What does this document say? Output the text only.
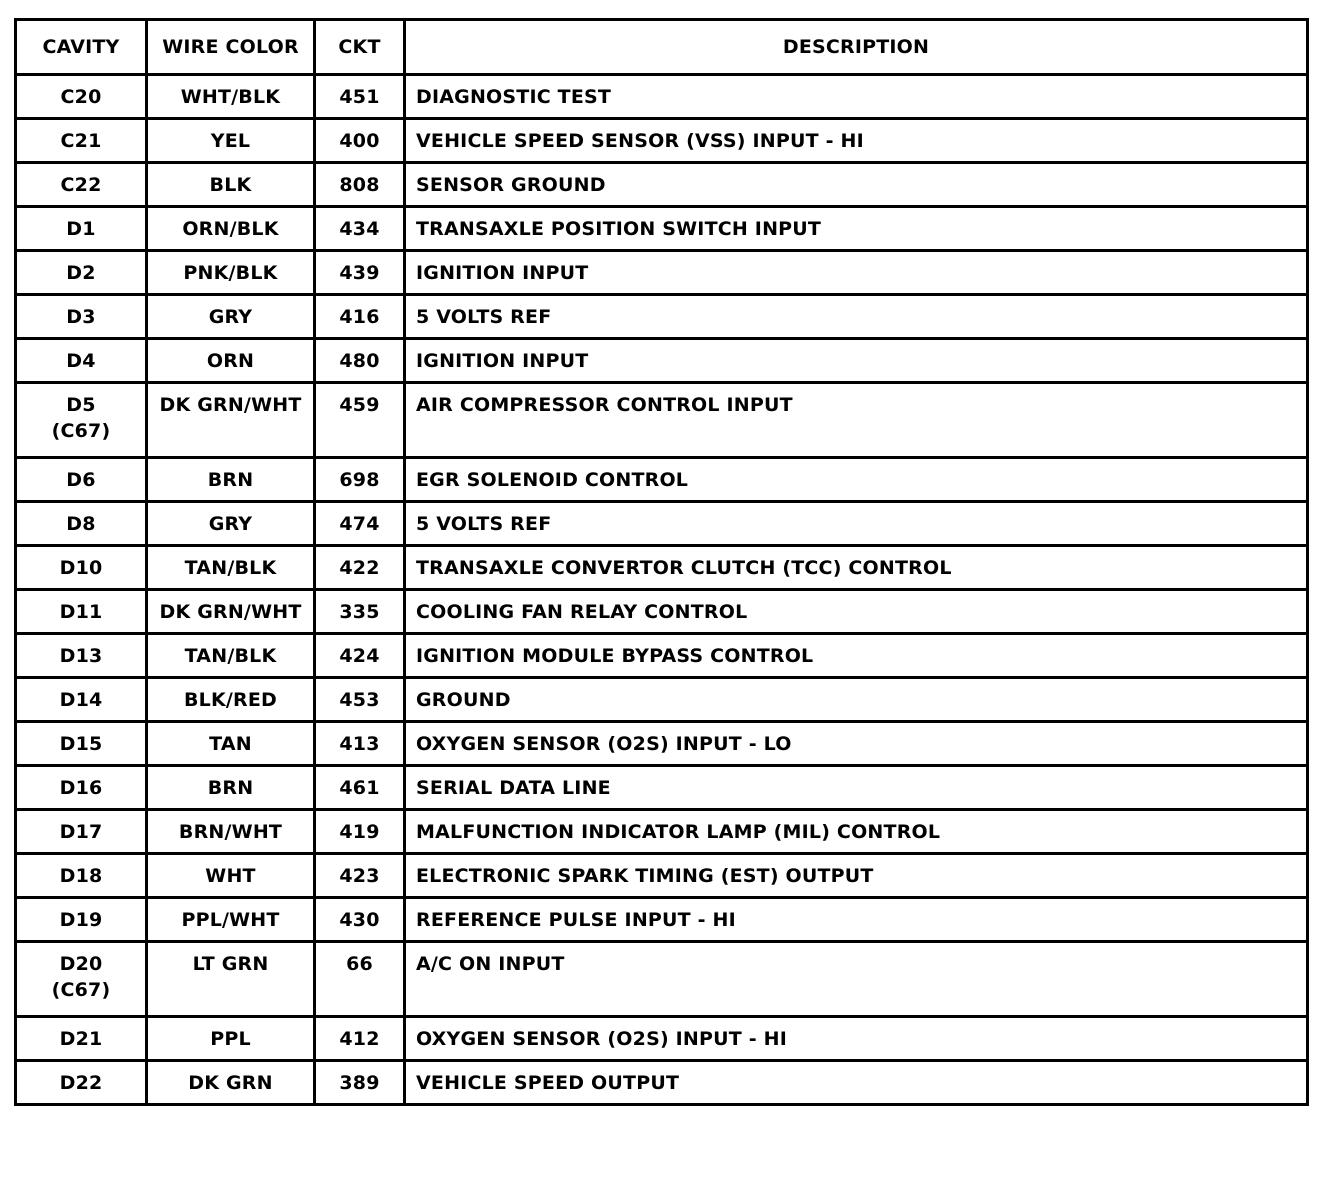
CAVITY	WIRE COLOR	CKT	DESCRIPTION

C20	WHT/BLK	451	DIAGNOSTIC TEST

C21	YEL	400	VEHICLE SPEED SENSOR (VSS) INPUT - HI

C22	BLK	808	SENSOR GROUND

D1	ORN/BLK	434	TRANSAXLE POSITION SWITCH INPUT

D2	PNK/BLK	439	IGNITION INPUT

D3	GRY	416	5 VOLTS REF

D4	ORN	480	IGNITION INPUT

D5
(C67)	DK GRN/WHT	459	AIR COMPRESSOR CONTROL INPUT

D6	BRN	698	EGR SOLENOID CONTROL

D8	GRY	474	5 VOLTS REF

D10	TAN/BLK	422	TRANSAXLE CONVERTOR CLUTCH (TCC) CONTROL

D11	DK GRN/WHT	335	COOLING FAN RELAY CONTROL

D13	TAN/BLK	424	IGNITION MODULE BYPASS CONTROL

D14	BLK/RED	453	GROUND

D15	TAN	413	OXYGEN SENSOR (O2S) INPUT - LO

D16	BRN	461	SERIAL DATA LINE

D17	BRN/WHT	419	MALFUNCTION INDICATOR LAMP (MIL) CONTROL

D18	WHT	423	ELECTRONIC SPARK TIMING (EST) OUTPUT

D19	PPL/WHT	430	REFERENCE PULSE INPUT - HI

D20
(C67)	LT GRN	66	A/C ON INPUT

D21	PPL	412	OXYGEN SENSOR (O2S) INPUT - HI

D22	DK GRN	389	VEHICLE SPEED OUTPUT
